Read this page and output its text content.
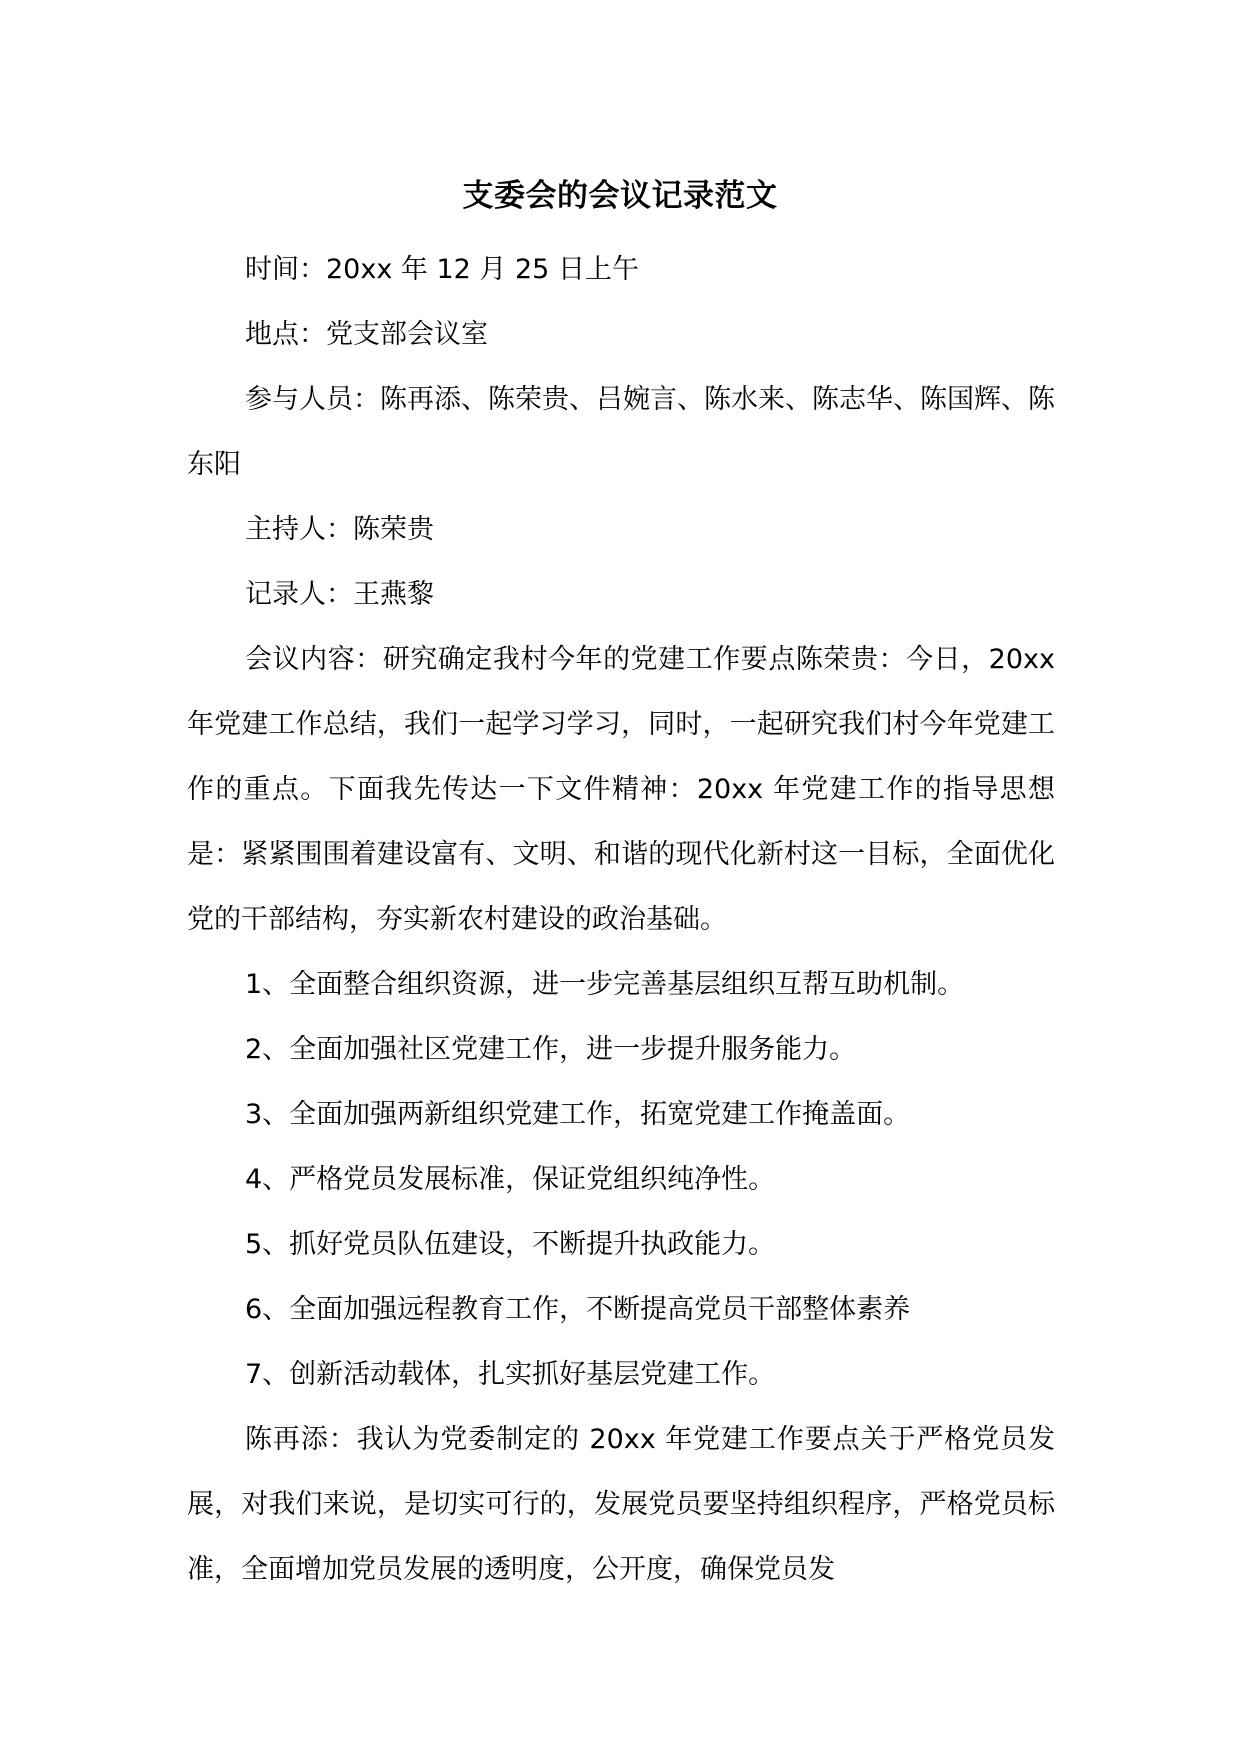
支委会的会议记录范文

时间：20xx 年 12 月 25 日上午

地点：党支部会议室

参与人员：陈再添、陈荣贵、吕婉言、陈水来、陈志华、陈国辉、陈东阳

主持人：陈荣贵

记录人：王燕黎

会议内容：研究确定我村今年的党建工作要点陈荣贵：今日，20xx 年党建工作总结，我们一起学习学习，同时，一起研究我们村今年党建工作的重点。下面我先传达一下文件精神：20xx 年党建工作的指导思想是：紧紧围围着建设富有、文明、和谐的现代化新村这一目标，全面优化党的干部结构，夯实新农村建设的政治基础。

1、全面整合组织资源，进一步完善基层组织互帮互助机制。

2、全面加强社区党建工作，进一步提升服务能力。

3、全面加强两新组织党建工作，拓宽党建工作掩盖面。

4、严格党员发展标准，保证党组织纯净性。

5、抓好党员队伍建设，不断提升执政能力。

6、全面加强远程教育工作，不断提高党员干部整体素养

7、创新活动载体，扎实抓好基层党建工作。

陈再添：我认为党委制定的 20xx 年党建工作要点关于严格党员发展，对我们来说，是切实可行的，发展党员要坚持组织程序，严格党员标准，全面增加党员发展的透明度，公开度，确保党员发
